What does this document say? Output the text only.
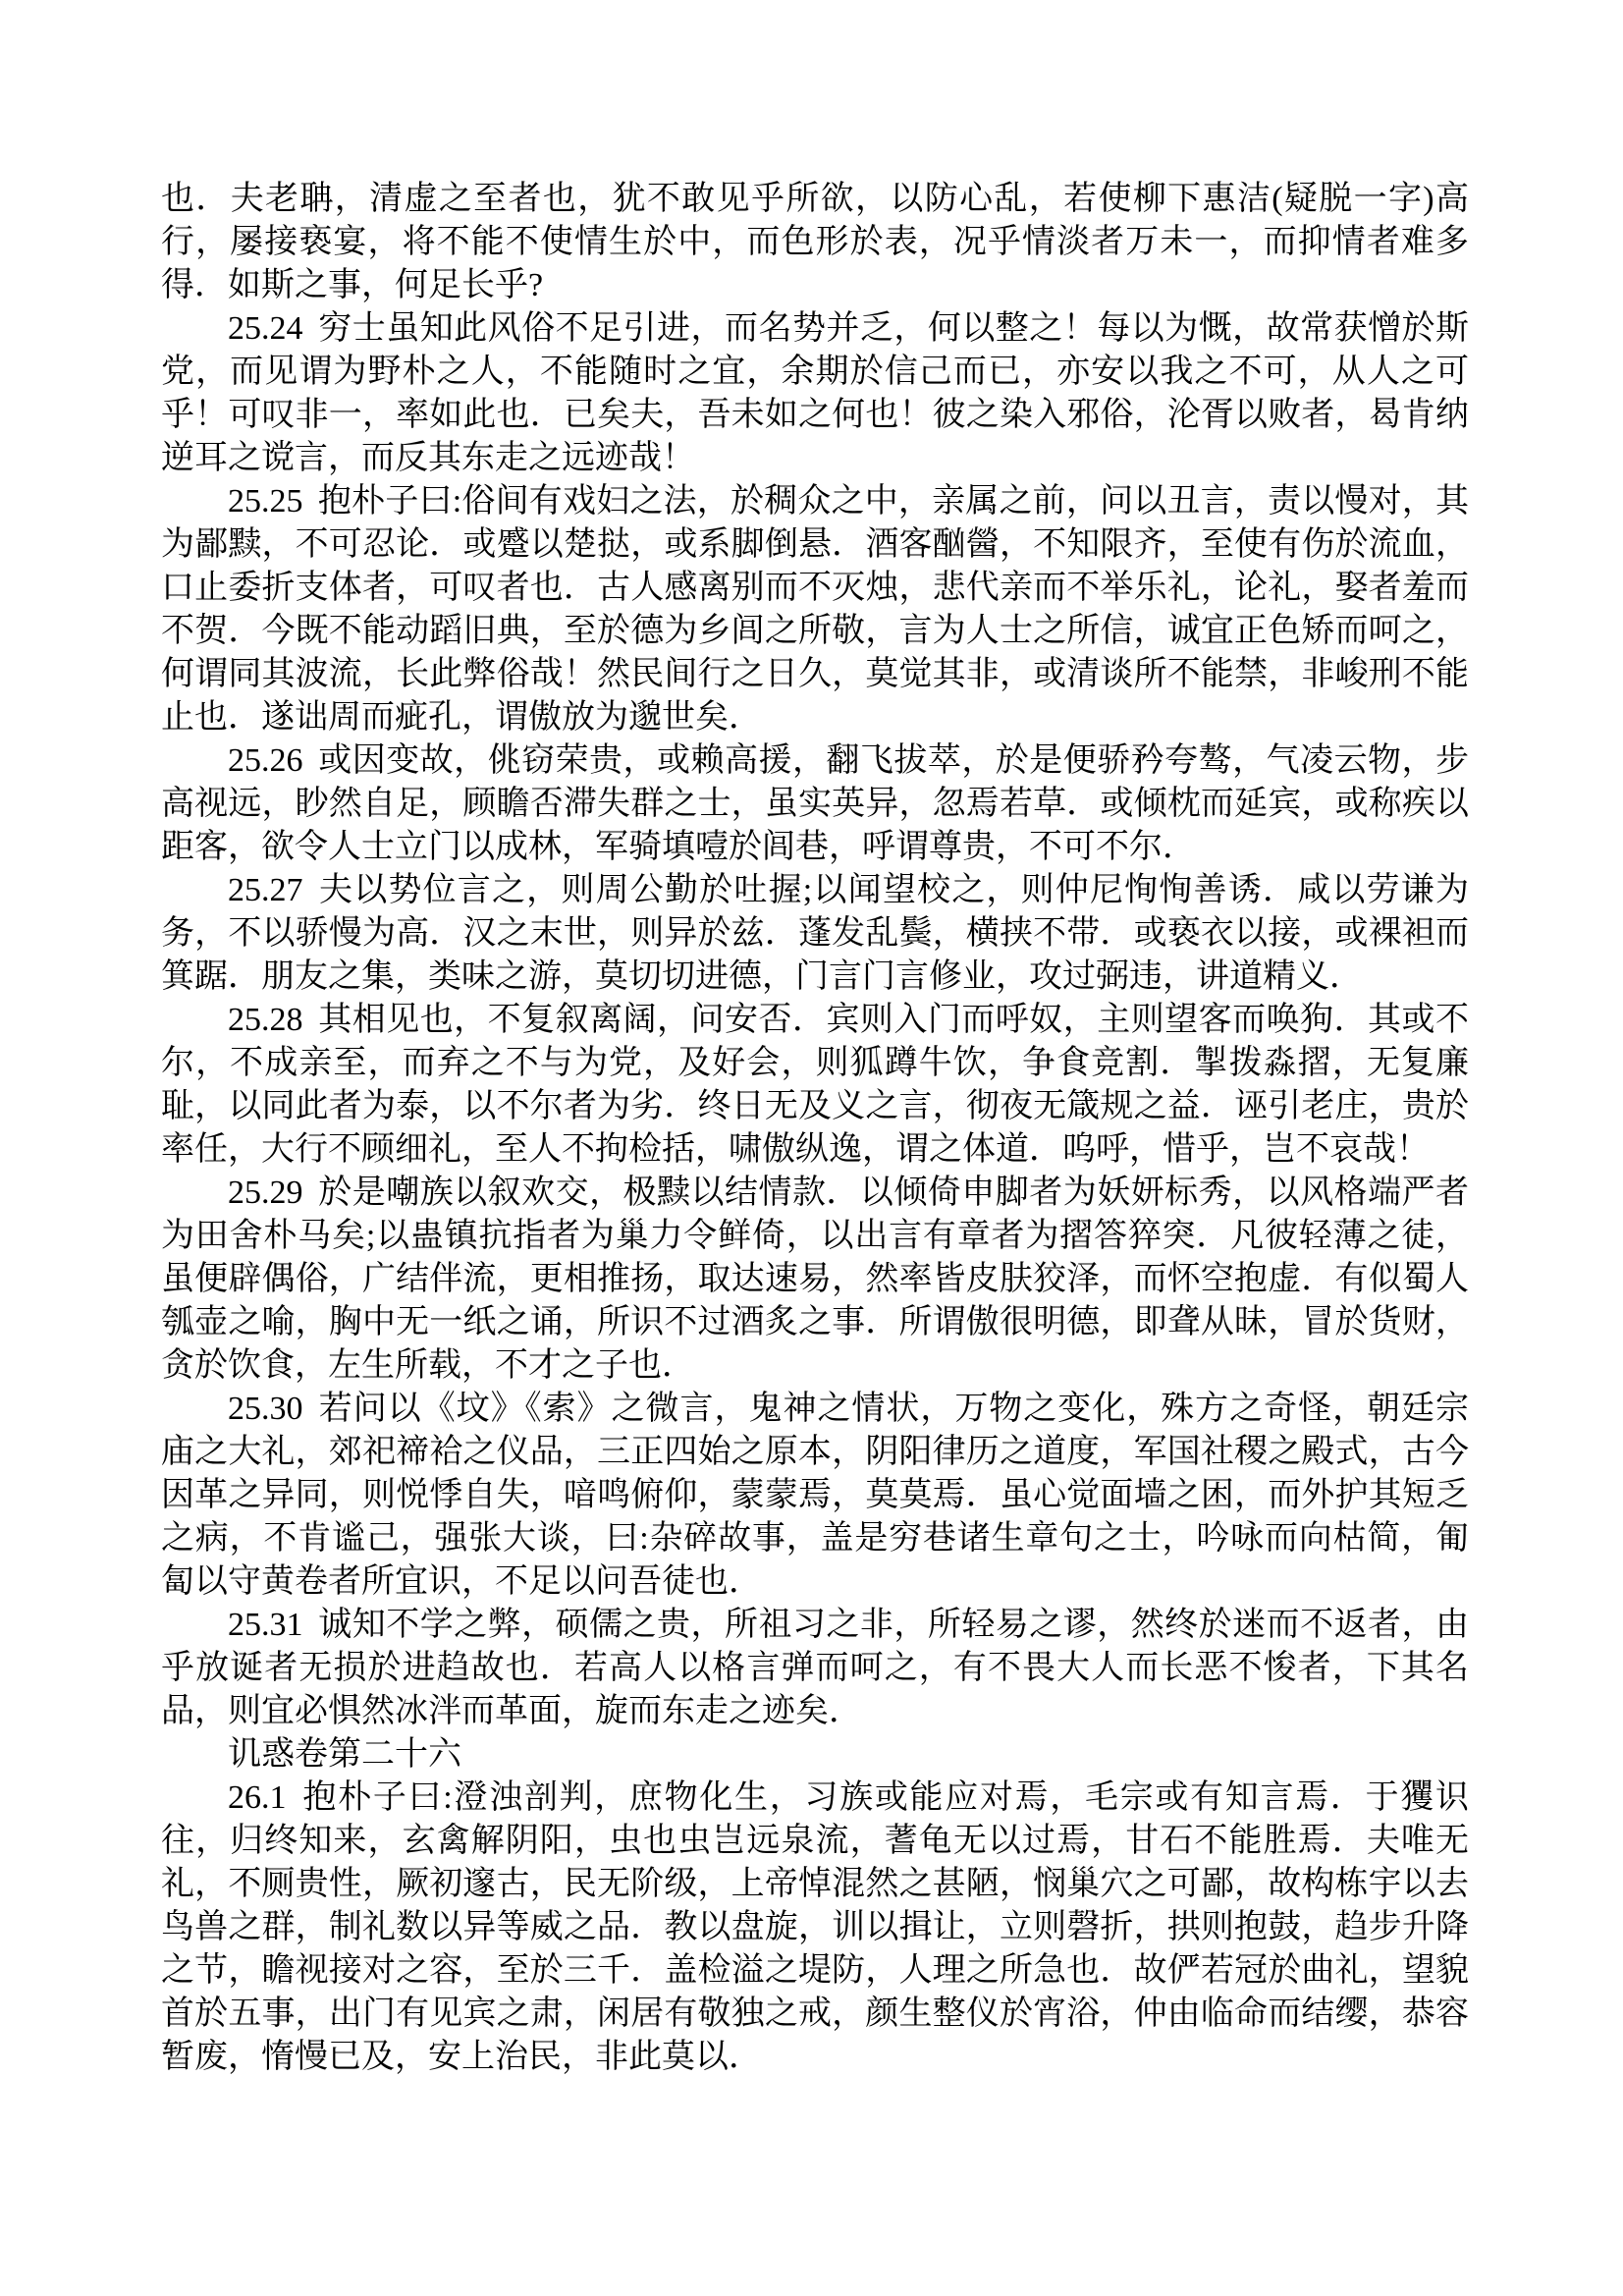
也．夫老聃，清虚之至者也，犹不敢见乎所欲，以防心乱，若使柳下惠洁(疑脱一字)高行，屡接亵宴，将不能不使情生於中，而色形於表，况乎情淡者万未一，而抑情者难多得．如斯之事，何足长乎?

25.24 穷士虽知此风俗不足引进，而名势并乏，何以整之！每以为慨，故常获憎於斯党，而见谓为野朴之人，不能随时之宜，余期於信己而已，亦安以我之不可，从人之可乎！可叹非一，率如此也．已矣夫，吾未如之何也！彼之染入邪俗，沦胥以败者，曷肯纳逆耳之谠言，而反其东走之远迹哉！

25.25 抱朴子曰:俗间有戏妇之法，於稠众之中，亲属之前，问以丑言，责以慢对，其为鄙黩，不可忍论．或蹙以楚挞，或系脚倒悬．酒客酗醟，不知限齐，至使有伤於流血，口止委折支体者，可叹者也．古人感离别而不灭烛，悲代亲而不举乐礼，论礼，娶者羞而不贺．今既不能动蹈旧典，至於德为乡闾之所敬，言为人士之所信，诚宜正色矫而呵之，何谓同其波流，长此弊俗哉！然民间行之日久，莫觉其非，或清谈所不能禁，非峻刑不能止也．遂诎周而疵孔，谓傲放为邈世矣．

25.26 或因变故，佻窃荣贵，或赖高援，翻飞拔萃，於是便骄矜夸骜，气凌云物，步高视远，眇然自足，顾瞻否滞失群之士，虽实英异，忽焉若草．或倾枕而延宾，或称疾以距客，欲令人士立门以成林，军骑填噎於闾巷，呼谓尊贵，不可不尔．

25.27 夫以势位言之，则周公勤於吐握;以闻望校之，则仲尼恂恂善诱．咸以劳谦为务，不以骄慢为高．汉之末世，则异於兹．蓬发乱鬓，横挟不带．或亵衣以接，或裸袒而箕踞．朋友之集，类味之游，莫切切进德，门言门言修业，攻过弼违，讲道精义．

25.28 其相见也，不复叙离阔，问安否．宾则入门而呼奴，主则望客而唤狗．其或不尔，不成亲至，而弃之不与为党，及好会，则狐蹲牛饮，争食竞割．掣拨淼摺，无复廉耻，以同此者为泰，以不尔者为劣．终日无及义之言，彻夜无箴规之益．诬引老庄，贵於率任，大行不顾细礼，至人不拘检括，啸傲纵逸，谓之体道．呜呼，惜乎，岂不哀哉！

25.29 於是嘲族以叙欢交，极黩以结情款．以倾倚申脚者为妖妍标秀，以风格端严者为田舍朴马矣;以蛊镇抗指者为巢力令鲜倚，以出言有章者为摺答猝突．凡彼轻薄之徒，虽便辟偶俗，广结伴流，更相推扬，取达速易，然率皆皮肤狡泽，而怀空抱虚．有似蜀人瓠壶之喻，胸中无一纸之诵，所识不过酒炙之事．所谓傲很明德，即聋从昧，冒於货财，贪於饮食，左生所载，不才之子也．

25.30 若问以《坟》《索》之微言，鬼神之情状，万物之变化，殊方之奇怪，朝廷宗庙之大礼，郊祀禘袷之仪品，三正四始之原本，阴阳律历之道度，军国社稷之殿式，古今因革之异同，则悦悸自失，喑鸣俯仰，蒙蒙焉，莫莫焉．虽心觉面墙之困，而外护其短乏之病，不肯谧己，强张大谈，曰:杂碎故事，盖是穷巷诸生章句之士，吟咏而向枯简，匍匐以守黄卷者所宜识，不足以问吾徒也．

25.31 诚知不学之弊，硕儒之贵，所祖习之非，所轻易之谬，然终於迷而不返者，由乎放诞者无损於进趋故也．若高人以格言弹而呵之，有不畏大人而长恶不悛者，下其名品，则宜必惧然冰泮而革面，旋而东走之迹矣．

讥惑卷第二十六

26.1 抱朴子曰:澄浊剖判，庶物化生，习族或能应对焉，毛宗或有知言焉．于玃识往，归终知来，玄禽解阴阳，虫也虫岂远泉流，蓍龟无以过焉，甘石不能胜焉．夫唯无礼，不厕贵性，厥初邃古，民无阶级，上帝悼混然之甚陋，悯巢穴之可鄙，故构栋宇以去鸟兽之群，制礼数以异等威之品．教以盘旋，训以揖让，立则磬折，拱则抱鼓，趋步升降之节，瞻视接对之容，至於三千．盖检溢之堤防，人理之所急也．故俨若冠於曲礼，望貌首於五事，出门有见宾之肃，闲居有敬独之戒，颜生整仪於宵浴，仲由临命而结缨，恭容暂废，惰慢已及，安上治民，非此莫以．
